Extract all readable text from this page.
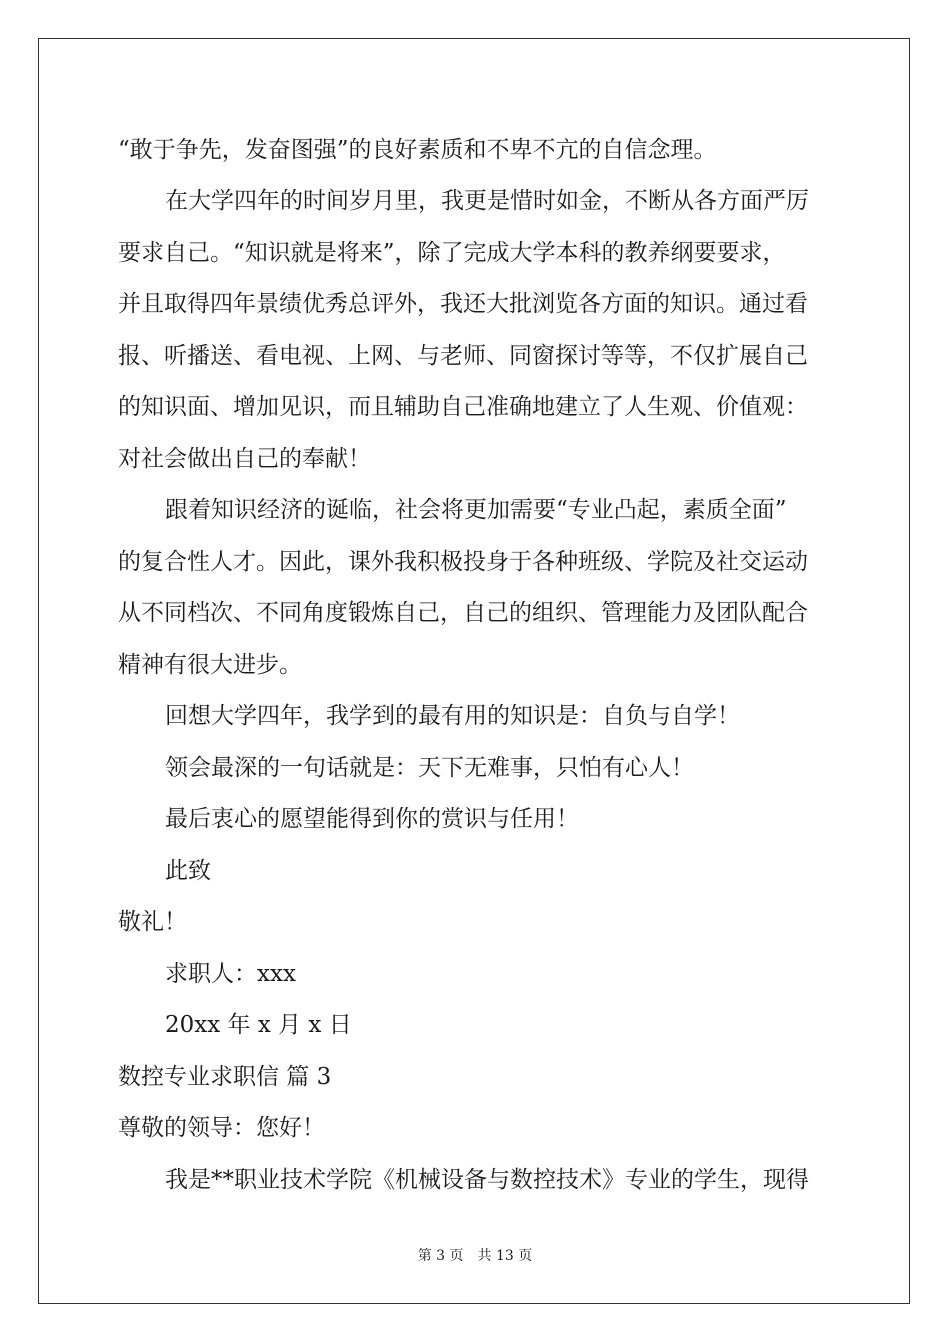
“敢于争先，发奋图强”的良好素质和不卑不亢的自信念理。
在大学四年的时间岁月里，我更是惜时如金，不断从各方面严厉
要求自己。“知识就是将来”，除了完成大学本科的教养纲要要求，
并且取得四年景绩优秀总评外，我还大批浏览各方面的知识。通过看
报、听播送、看电视、上网、与老师、同窗探讨等等，不仅扩展自己
的知识面、增加见识，而且辅助自己准确地建立了人生观、价值观：
对社会做出自己的奉献！
跟着知识经济的诞临，社会将更加需要“专业凸起，素质全面”
的复合性人才。因此，课外我积极投身于各种班级、学院及社交运动
从不同档次、不同角度锻炼自己，自己的组织、管理能力及团队配合
精神有很大进步。
回想大学四年，我学到的最有用的知识是：自负与自学！
领会最深的一句话就是：天下无难事，只怕有心人！
最后衷心的愿望能得到你的赏识与任用！
此致
敬礼！
求职人：xxx
20xx 年 x 月 x 日
数控专业求职信 篇 3
尊敬的领导：您好！
我是**职业技术学院《机械设备与数控技术》专业的学生，现得
第 3 页 共 13 页
